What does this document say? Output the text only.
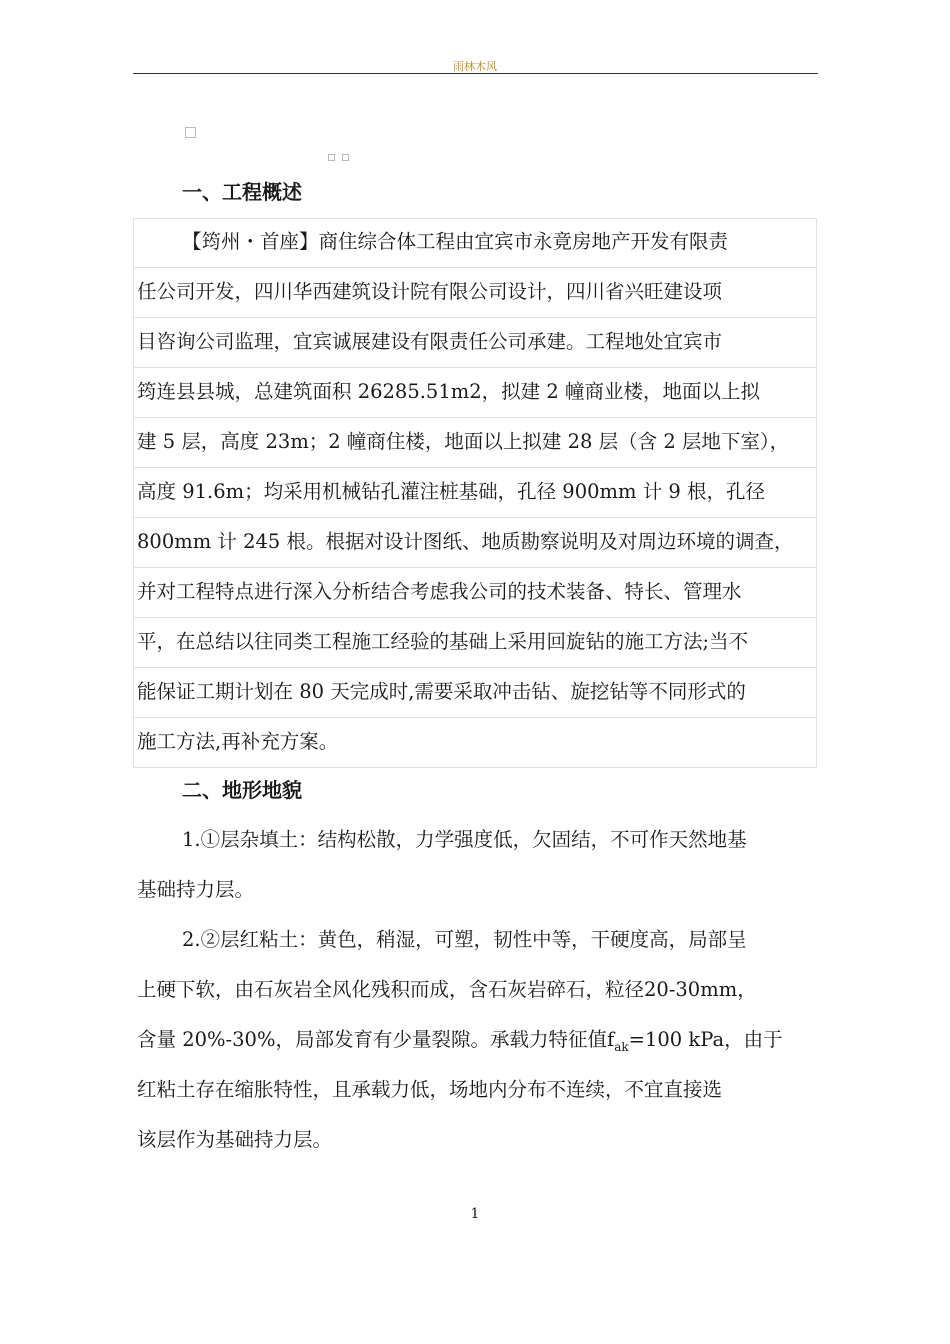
雨林木风
一、工程概述
【筠州・首座】商住综合体工程由宜宾市永竟房地产开发有限责
任公司开发，四川华西建筑设计院有限公司设计，四川省兴旺建设项
目咨询公司监理，宜宾诚展建设有限责任公司承建。工程地处宜宾市
筠连县县城，总建筑面积 26285.51m2，拟建 2 幢商业楼，地面以上拟
建 5 层，高度 23m；2 幢商住楼，地面以上拟建 28 层（含 2 层地下室），
高度 91.6m；均采用机械钻孔灌注桩基础，孔径 900mm 计 9 根，孔径
800mm 计 245 根。根据对设计图纸、地质勘察说明及对周边环境的调查，
并对工程特点进行深入分析结合考虑我公司的技术装备、特长、管理水
平，在总结以往同类工程施工经验的基础上采用回旋钻的施工方法;当不
能保证工期计划在 80 天完成时,需要采取冲击钻、旋挖钻等不同形式的
施工方法,再补充方案。
二、地形地貌
1.①层杂填土：结构松散，力学强度低，欠固结，不可作天然地基
基础持力层。
2.②层红粘土：黄色，稍湿，可塑，韧性中等，干硬度高，局部呈
上硬下软，由石灰岩全风化残积而成，含石灰岩碎石，粒径20-30mm，
含量 20%-30%，局部发育有少量裂隙。承载力特征值$f_{ak}=100$ kPa，由于
红粘土存在缩胀特性，且承载力低，场地内分布不连续，不宜直接选
该层作为基础持力层。
1
